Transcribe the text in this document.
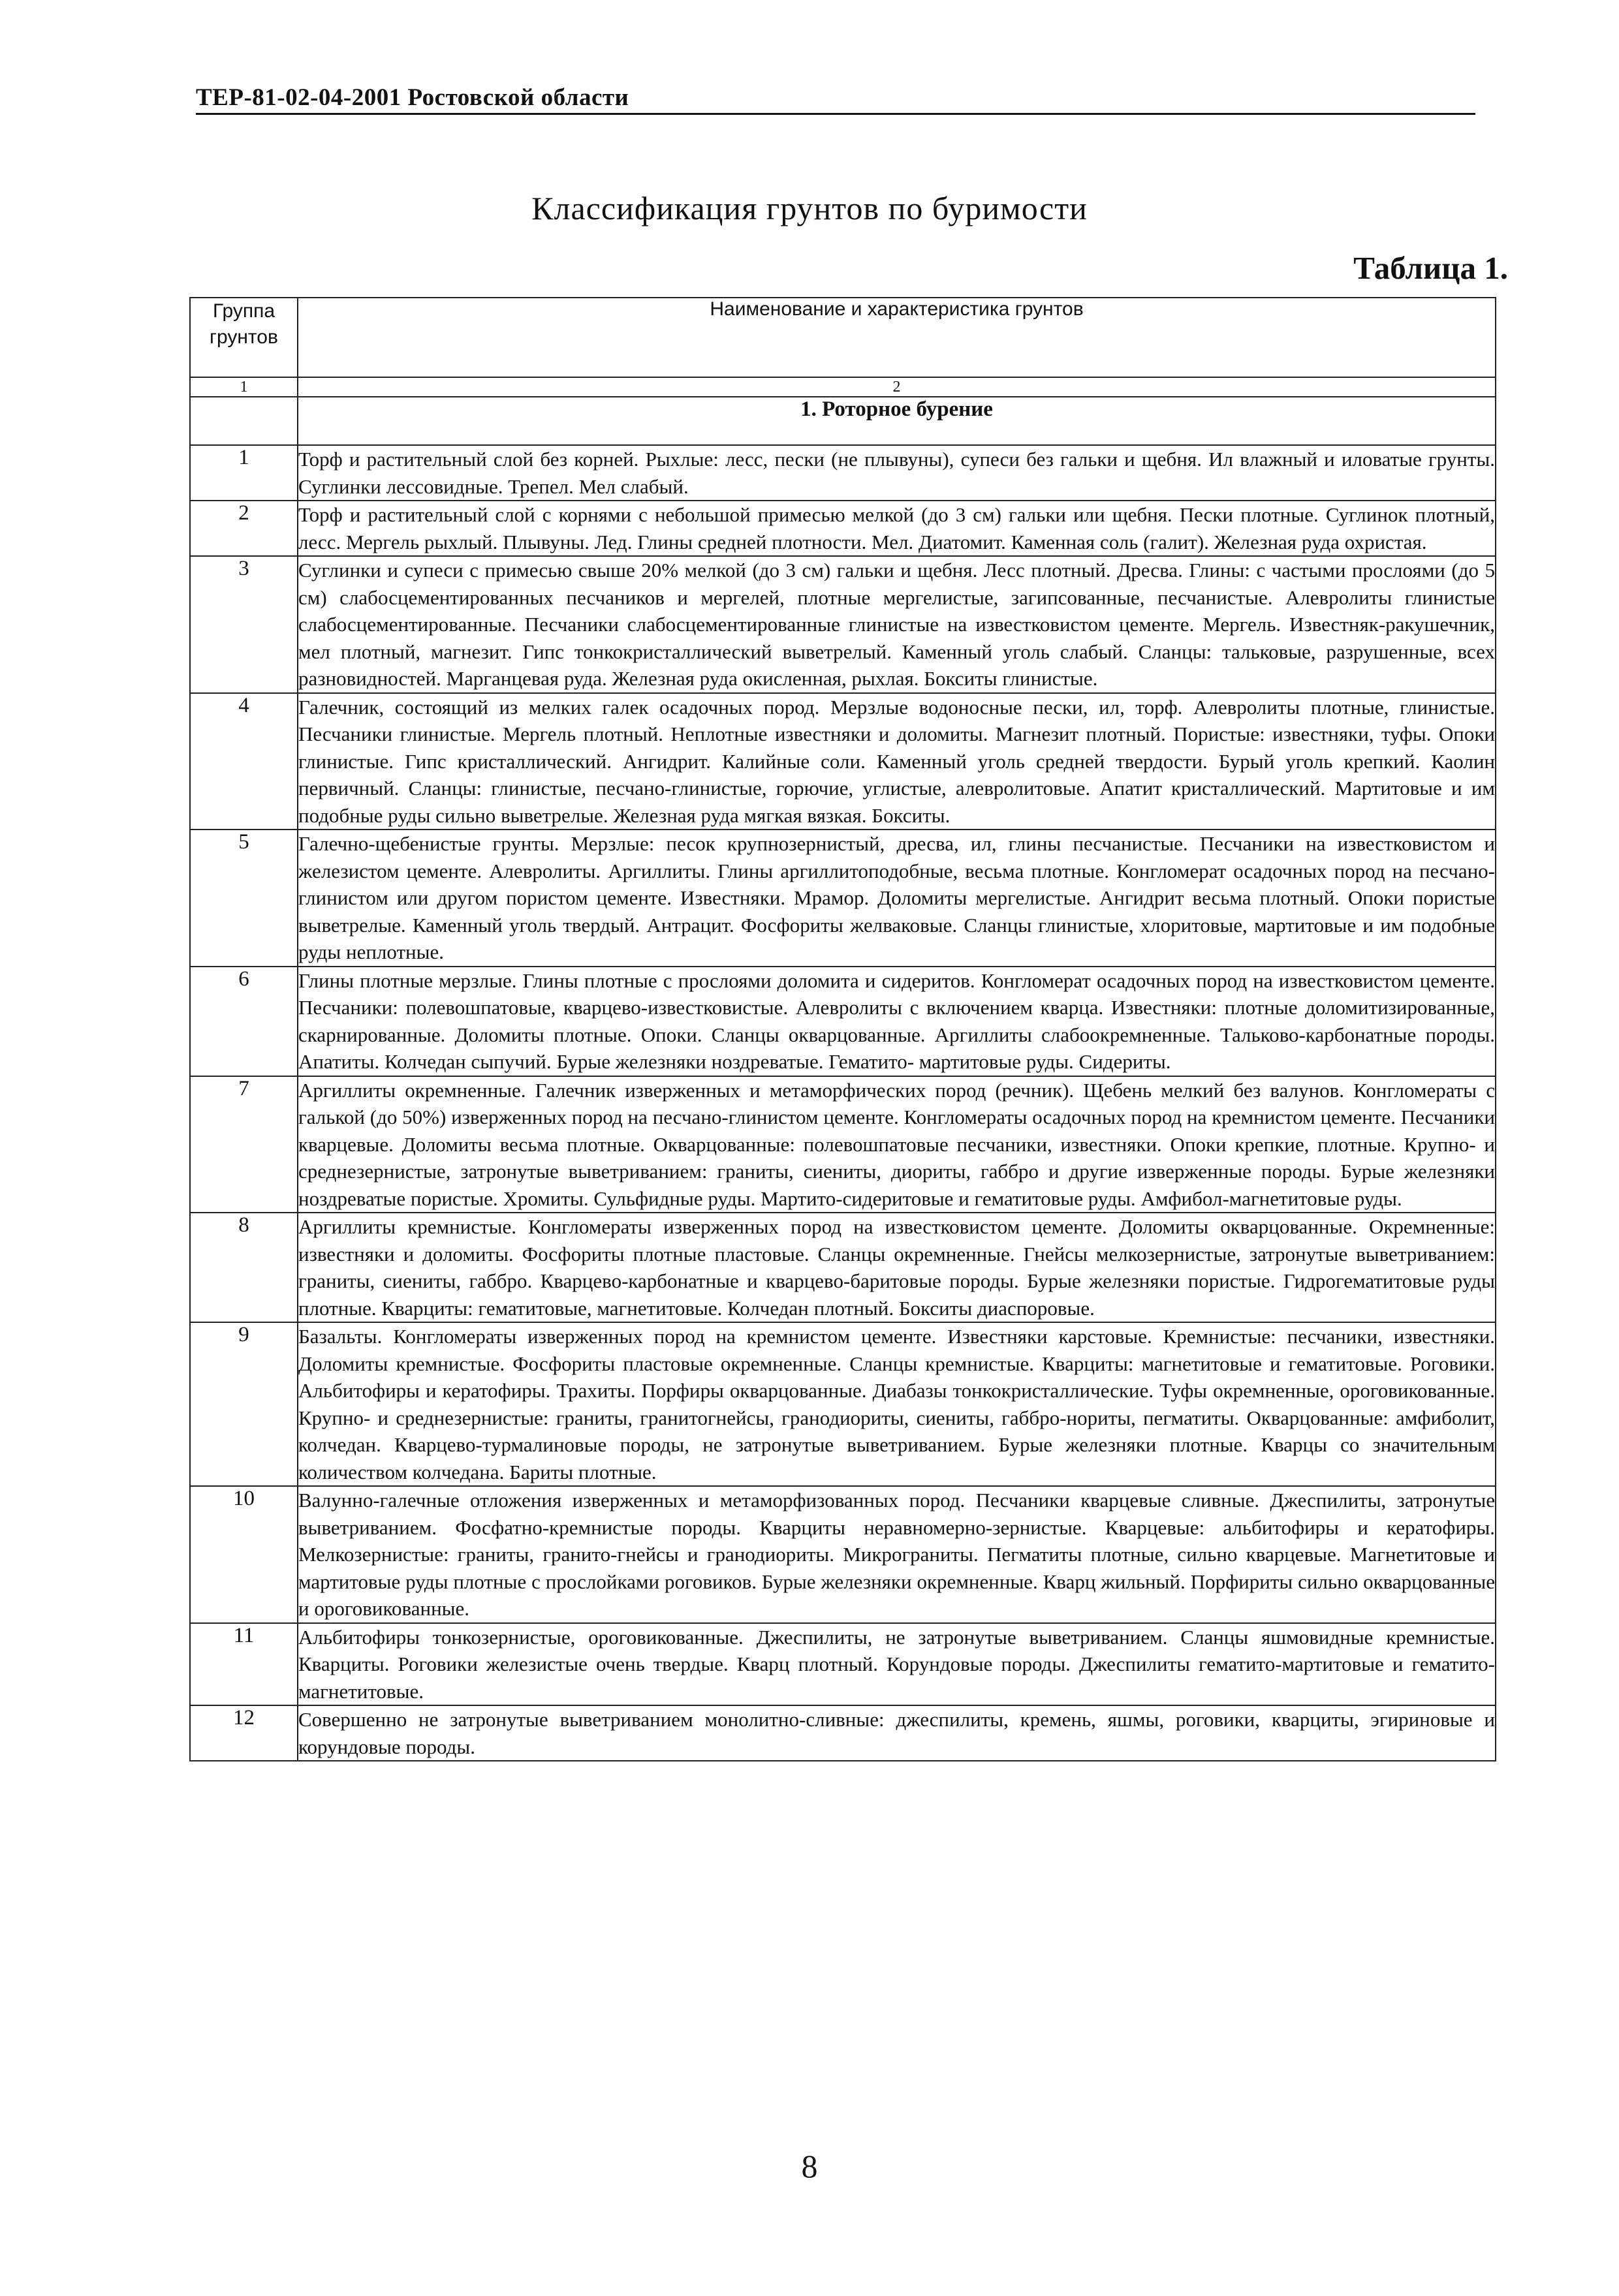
ТЕР-81-02-04-2001 Ростовской области
Классификация грунтов по буримости
Таблица 1.
Группа грунтов	Наименование и характеристика грунтов
1	2
	1. Роторное бурение
1	Торф и растительный слой без корней. Рыхлые: лесс, пески (не плывуны), супеси без гальки и щебня. Ил влажный и иловатые грунты. Суглинки лессовидные. Трепел. Мел слабый.
2	Торф и растительный слой с корнями с небольшой примесью мелкой (до 3 см) гальки или щебня. Пески плотные. Суглинок плотный, лесс. Мергель рыхлый. Плывуны. Лед. Глины средней плотности. Мел. Диатомит. Каменная соль (галит). Железная руда охристая.
3	Суглинки и супеси с примесью свыше 20% мелкой (до 3 см) гальки и щебня. Лесс плотный. Дресва. Глины: с частыми прослоями (до 5 см) слабосцементированных песчаников и мергелей, плотные мергелистые, загипсованные, песчанистые. Алевролиты глинистые слабосцементированные. Песчаники слабосцементированные глинистые на известковистом цементе. Мергель. Известняк-ракушечник, мел плотный, магнезит. Гипс тонкокристаллический выветрелый. Каменный уголь слабый. Сланцы: тальковые, разрушенные, всех разновидностей. Марганцевая руда. Железная руда окисленная, рыхлая. Бокситы глинистые.
4	Галечник, состоящий из мелких галек осадочных пород. Мерзлые водоносные пески, ил, торф. Алевролиты плотные, глинистые. Песчаники глинистые. Мергель плотный. Неплотные известняки и доломиты. Магнезит плотный. Пористые: известняки, туфы. Опоки глинистые. Гипс кристаллический. Ангидрит. Калийные соли. Каменный уголь средней твердости. Бурый уголь крепкий. Каолин первичный. Сланцы: глинистые, песчано-глинистые, горючие, углистые, алевролитовые. Апатит кристаллический. Мартитовые и им подобные руды сильно выветрелые. Железная руда мягкая вязкая. Бокситы.
5	Галечно-щебенистые грунты. Мерзлые: песок крупнозернистый, дресва, ил, глины песчанистые. Песчаники на известковистом и железистом цементе. Алевролиты. Аргиллиты. Глины аргиллитоподобные, весьма плотные. Конгломерат осадочных пород на песчано-глинистом или другом пористом цементе. Известняки. Мрамор. Доломиты мергелистые. Ангидрит весьма плотный. Опоки пористые выветрелые. Каменный уголь твердый. Антрацит. Фосфориты желваковые. Сланцы глинистые, хлоритовые, мартитовые и им подобные руды неплотные.
6	Глины плотные мерзлые. Глины плотные с прослоями доломита и сидеритов. Конгломерат осадочных пород на известковистом цементе. Песчаники: полевошпатовые, кварцево-известковистые. Алевролиты с включением кварца. Известняки: плотные доломитизированные, скарнированные. Доломиты плотные. Опоки. Сланцы окварцованные. Аргиллиты слабоокремненные. Тальково-карбонатные породы. Апатиты. Колчедан сыпучий. Бурые железняки ноздреватые. Гематито- мартитовые руды. Сидериты.
7	Аргиллиты окремненные. Галечник изверженных и метаморфических пород (речник). Щебень мелкий без валунов. Конгломераты с галькой (до 50%) изверженных пород на песчано-глинистом цементе. Конгломераты осадочных пород на кремнистом цементе. Песчаники кварцевые. Доломиты весьма плотные. Окварцованные: полевошпатовые песчаники, известняки. Опоки крепкие, плотные. Крупно- и среднезернистые, затронутые выветриванием: граниты, сиениты, диориты, габбро и другие изверженные породы. Бурые железняки ноздреватые пористые. Хромиты. Сульфидные руды. Мартито-сидеритовые и гематитовые руды. Амфибол-магнетитовые руды.
8	Аргиллиты кремнистые. Конгломераты изверженных пород на известковистом цементе. Доломиты окварцованные. Окремненные: известняки и доломиты. Фосфориты плотные пластовые. Сланцы окремненные. Гнейсы мелкозернистые, затронутые выветриванием: граниты, сиениты, габбро. Кварцево-карбонатные и кварцево-баритовые породы. Бурые железняки пористые. Гидрогематитовые руды плотные. Кварциты: гематитовые, магнетитовые. Колчедан плотный. Бокситы диаспоровые.
9	Базальты. Конгломераты изверженных пород на кремнистом цементе. Известняки карстовые. Кремнистые: песчаники, известняки. Доломиты кремнистые. Фосфориты пластовые окремненные. Сланцы кремнистые. Кварциты: магнетитовые и гематитовые. Роговики. Альбитофиры и кератофиры. Трахиты. Порфиры окварцованные. Диабазы тонкокристаллические. Туфы окремненные, ороговикованные. Крупно- и среднезернистые: граниты, гранитогнейсы, гранодиориты, сиениты, габбро-нориты, пегматиты. Окварцованные: амфиболит, колчедан. Кварцево-турмалиновые породы, не затронутые выветриванием. Бурые железняки плотные. Кварцы со значительным количеством колчедана. Бариты плотные.
10	Валунно-галечные отложения изверженных и метаморфизованных пород. Песчаники кварцевые сливные. Джеспилиты, затронутые выветриванием. Фосфатно-кремнистые породы. Кварциты неравномерно-зернистые. Кварцевые: альбитофиры и кератофиры. Мелкозернистые: граниты, гранито-гнейсы и гранодиориты. Микрограниты. Пегматиты плотные, сильно кварцевые. Магнетитовые и мартитовые руды плотные с прослойками роговиков. Бурые железняки окремненные. Кварц жильный. Порфириты сильно окварцованные и ороговикованные.
11	Альбитофиры тонкозернистые, ороговикованные. Джеспилиты, не затронутые выветриванием. Сланцы яшмовидные кремнистые. Кварциты. Роговики железистые очень твердые. Кварц плотный. Корундовые породы. Джеспилиты гематито-мартитовые и гематито-магнетитовые.
12	Совершенно не затронутые выветриванием монолитно-сливные: джеспилиты, кремень, яшмы, роговики, кварциты, эгириновые и корундовые породы.
8
